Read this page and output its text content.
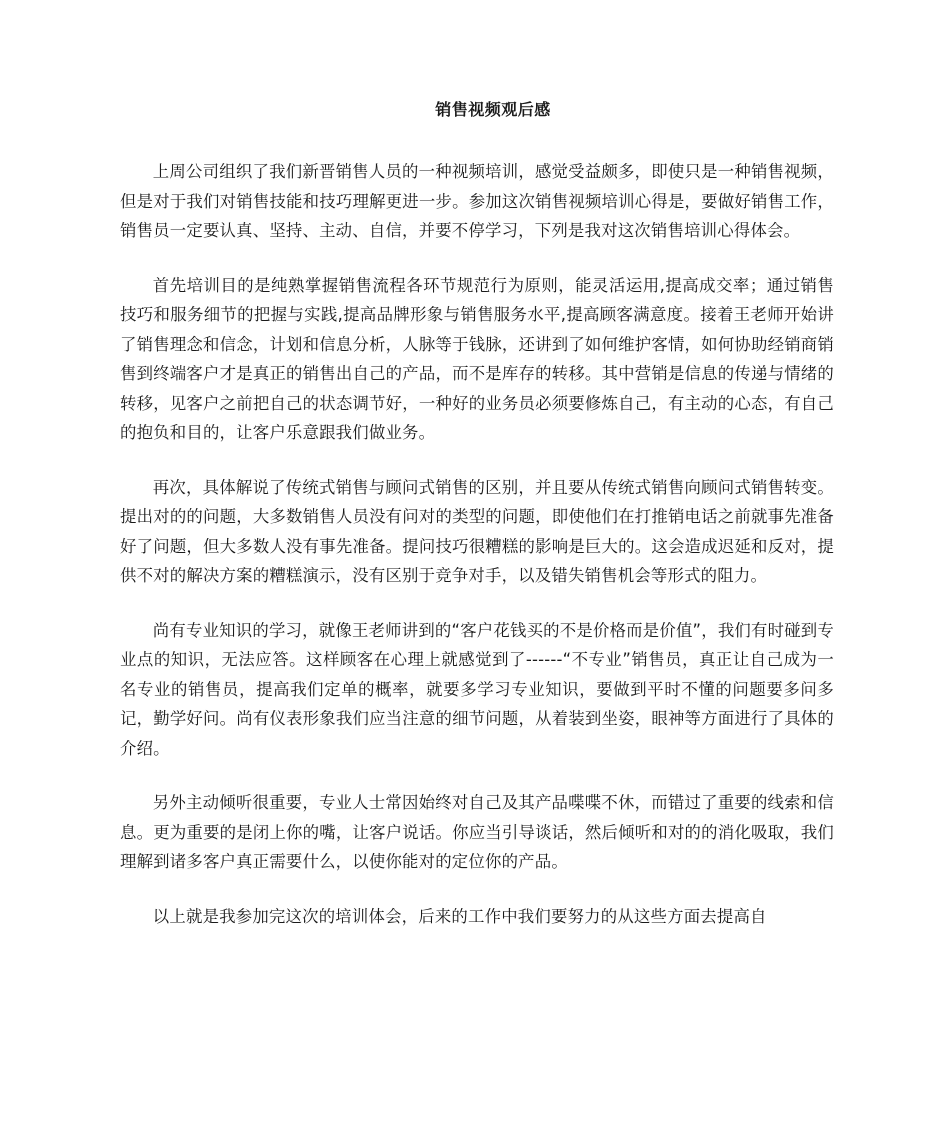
销售视频观后感

上周公司组织了我们新晋销售人员的一种视频培训，感觉受益颇多，即使只是一种销售视频，但是对于我们对销售技能和技巧理解更进一步。参加这次销售视频培训心得是，要做好销售工作，销售员一定要认真、坚持、主动、自信，并要不停学习，下列是我对这次销售培训心得体会。

首先培训目的是纯熟掌握销售流程各环节规范行为原则，能灵活运用,提高成交率；通过销售技巧和服务细节的把握与实践,提高品牌形象与销售服务水平,提高顾客满意度。接着王老师开始讲了销售理念和信念，计划和信息分析，人脉等于钱脉，还讲到了如何维护客情，如何协助经销商销售到终端客户才是真正的销售出自己的产品，而不是库存的转移。其中营销是信息的传递与情绪的转移，见客户之前把自己的状态调节好，一种好的业务员必须要修炼自己，有主动的心态，有自己的抱负和目的，让客户乐意跟我们做业务。

再次，具体解说了传统式销售与顾问式销售的区别，并且要从传统式销售向顾问式销售转变。提出对的的问题，大多数销售人员没有问对的类型的问题，即使他们在打推销电话之前就事先准备好了问题，但大多数人没有事先准备。提问技巧很糟糕的影响是巨大的。这会造成迟延和反对，提供不对的解决方案的糟糕演示，没有区别于竞争对手，以及错失销售机会等形式的阻力。

尚有专业知识的学习，就像王老师讲到的“客户花钱买的不是价格而是价值”，我们有时碰到专业点的知识，无法应答。这样顾客在心理上就感觉到了------“不专业”销售员，真正让自己成为一名专业的销售员，提高我们定单的概率，就要多学习专业知识，要做到平时不懂的问题要多问多记，勤学好问。尚有仪表形象我们应当注意的细节问题，从着装到坐姿，眼神等方面进行了具体的介绍。

另外主动倾听很重要，专业人士常因始终对自己及其产品喋喋不休，而错过了重要的线索和信息。更为重要的是闭上你的嘴，让客户说话。你应当引导谈话，然后倾听和对的的消化吸取，我们理解到诸多客户真正需要什么，以使你能对的定位你的产品。

以上就是我参加完这次的培训体会，后来的工作中我们要努力的从这些方面去提高自
